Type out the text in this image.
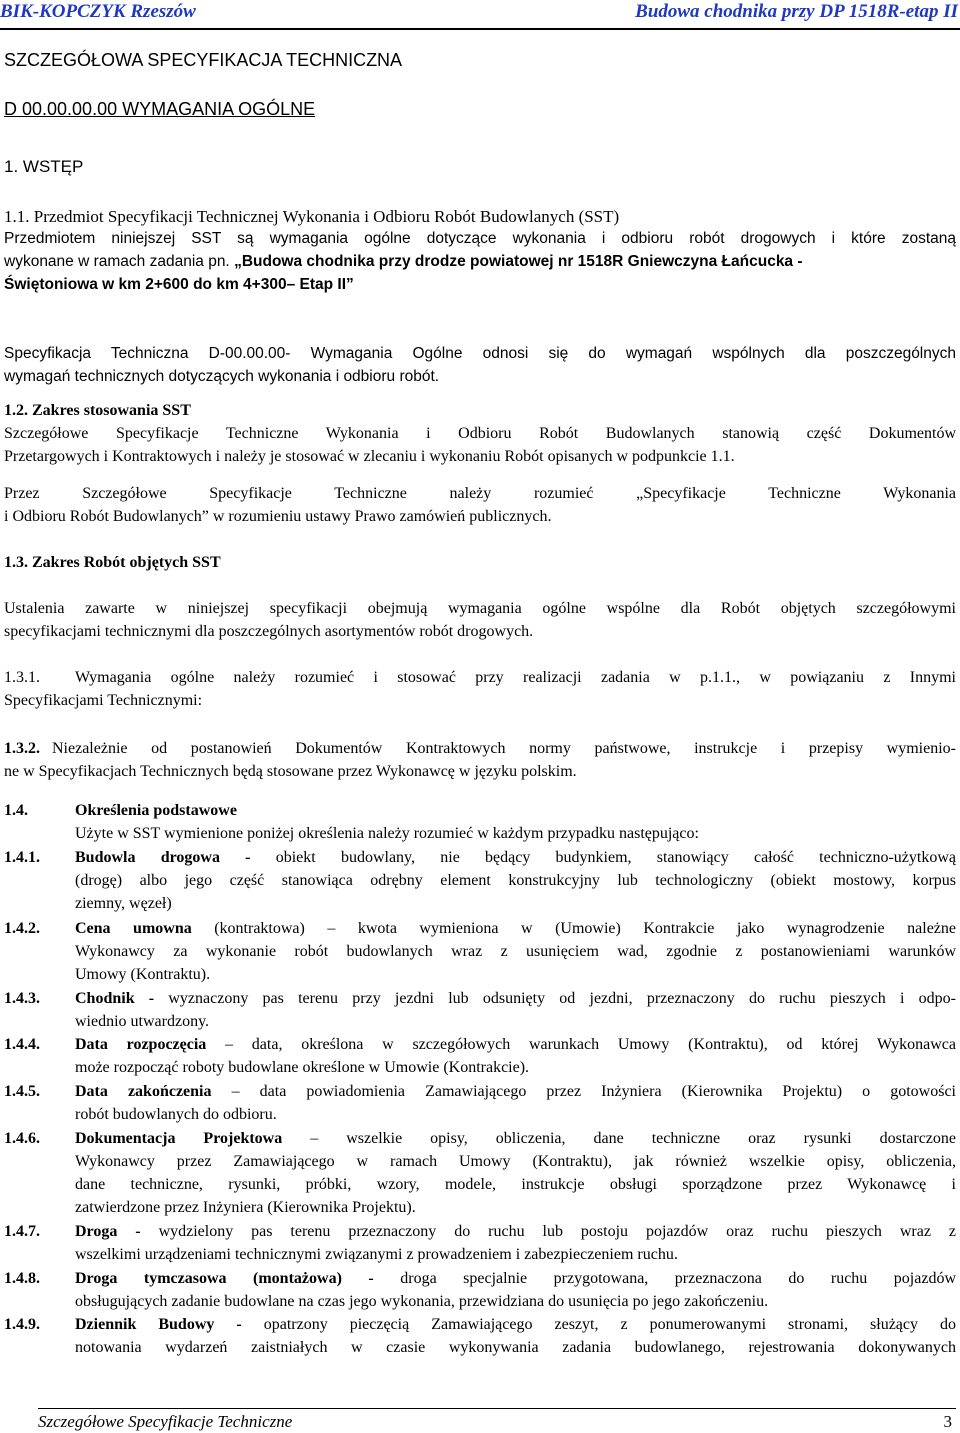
BIK-KOPCZYK Rzeszów	Budowa chodnika przy DP 1518R-etap II
SZCZEGÓŁOWA SPECYFIKACJA TECHNICZNA
D 00.00.00.00 WYMAGANIA OGÓLNE
1. WSTĘP
1.1. Przedmiot Specyfikacji Technicznej Wykonania i Odbioru Robót Budowlanych (SST)
Przedmiotem niniejszej SST są wymagania ogólne dotyczące wykonania i odbioru robót drogowych i które zostaną
wykonane w ramach zadania pn. „Budowa chodnika przy drodze powiatowej nr 1518R Gniewczyna Łańcucka -
Świętoniowa w km 2+600 do km 4+300– Etap II”
Specyfikacja Techniczna D-00.00.00- Wymagania Ogólne odnosi się do wymagań wspólnych dla poszczególnych
wymagań technicznych dotyczących wykonania i odbioru robót.
1.2. Zakres stosowania SST
Szczegółowe Specyfikacje Techniczne Wykonania i Odbioru Robót Budowlanych stanowią część Dokumentów
Przetargowych i Kontraktowych i należy je stosować w zlecaniu i wykonaniu Robót opisanych w podpunkcie 1.1.
Przez Szczegółowe Specyfikacje Techniczne należy rozumieć „Specyfikacje Techniczne Wykonania
i Odbioru Robót Budowlanych” w rozumieniu ustawy Prawo zamówień publicznych.
1.3. Zakres Robót objętych SST
Ustalenia zawarte w niniejszej specyfikacji obejmują wymagania ogólne wspólne dla Robót objętych szczegółowymi
specyfikacjami technicznymi dla poszczególnych asortymentów robót drogowych.
1.3.1. Wymagania ogólne należy rozumieć i stosować przy realizacji zadania w p.1.1., w powiązaniu z Innymi
Specyfikacjami Technicznymi:
1.3.2. Niezależnie od postanowień Dokumentów Kontraktowych normy państwowe, instrukcje i przepisy wymienio-
ne w Specyfikacjach Technicznych będą stosowane przez Wykonawcę w języku polskim.
1.4.	Określenia podstawowe
Użyte w SST wymienione poniżej określenia należy rozumieć w każdym przypadku następująco:
1.4.1. Budowla drogowa - obiekt budowlany, nie będący budynkiem, stanowiący całość techniczno-użytkową
(drogę) albo jego część stanowiąca odrębny element konstrukcyjny lub technologiczny (obiekt mostowy, korpus
ziemny, węzeł)
1.4.2. Cena umowna (kontraktowa) – kwota wymieniona w (Umowie) Kontrakcie jako wynagrodzenie należne
Wykonawcy za wykonanie robót budowlanych wraz z usunięciem wad, zgodnie z postanowieniami warunków
Umowy (Kontraktu).
1.4.3. Chodnik - wyznaczony pas terenu przy jezdni lub odsunięty od jezdni, przeznaczony do ruchu pieszych i odpo-
wiednio utwardzony.
1.4.4. Data rozpoczęcia – data, określona w szczegółowych warunkach Umowy (Kontraktu), od której Wykonawca
może rozpocząć roboty budowlane określone w Umowie (Kontrakcie).
1.4.5. Data zakończenia – data powiadomienia Zamawiającego przez Inżyniera (Kierownika Projektu) o gotowości
robót budowlanych do odbioru.
1.4.6. Dokumentacja Projektowa – wszelkie opisy, obliczenia, dane techniczne oraz rysunki dostarczone
Wykonawcy przez Zamawiającego w ramach Umowy (Kontraktu), jak również wszelkie opisy, obliczenia,
dane techniczne, rysunki, próbki, wzory, modele, instrukcje obsługi sporządzone przez Wykonawcę i
zatwierdzone przez Inżyniera (Kierownika Projektu).
1.4.7. Droga - wydzielony pas terenu przeznaczony do ruchu lub postoju pojazdów oraz ruchu pieszych wraz z
wszelkimi urządzeniami technicznymi związanymi z prowadzeniem i zabezpieczeniem ruchu.
1.4.8. Droga tymczasowa (montażowa) - droga specjalnie przygotowana, przeznaczona do ruchu pojazdów
obsługujących zadanie budowlane na czas jego wykonania, przewidziana do usunięcia po jego zakończeniu.
1.4.9. Dziennik Budowy - opatrzony pieczęcią Zamawiającego zeszyt, z ponumerowanymi stronami, służący do
notowania wydarzeń zaistniałych w czasie wykonywania zadania budowlanego, rejestrowania dokonywanych
Szczegółowe Specyfikacje Techniczne	3
